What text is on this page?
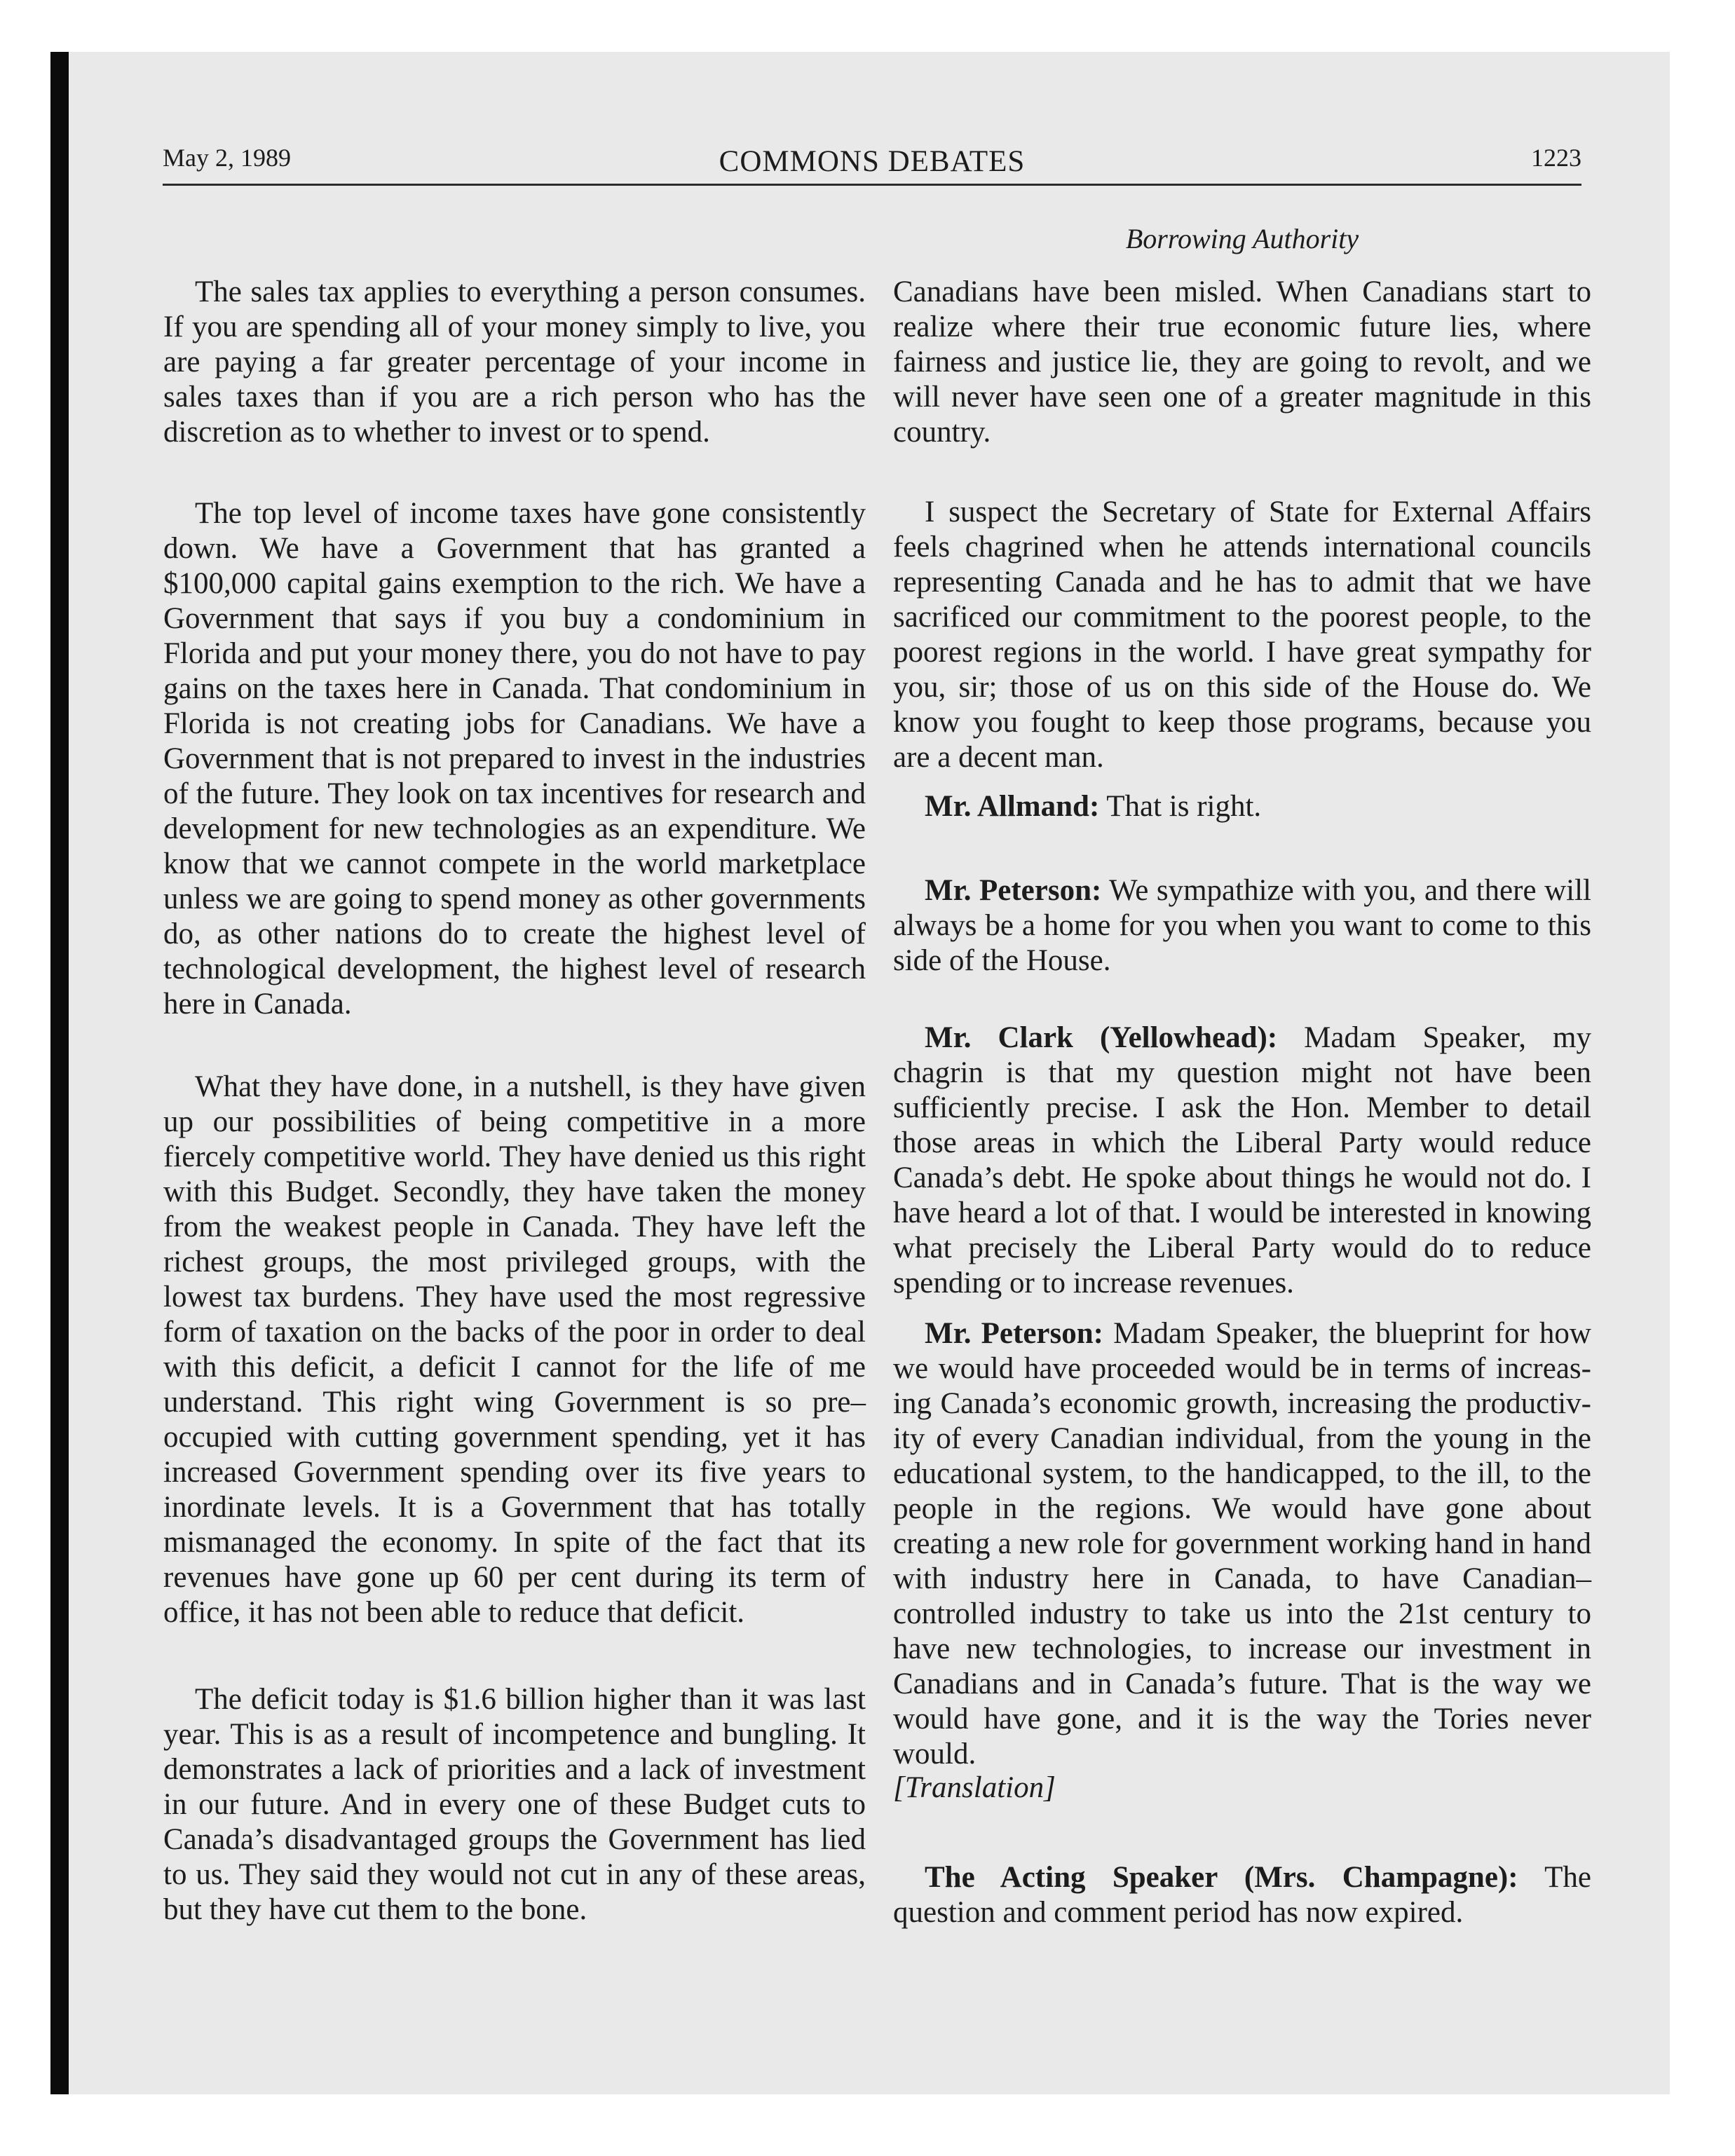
May 2, 1989	COMMONS DEBATES	1223

The sales tax applies to everything a person consumes. If you are spending all of your money simply to live, you are paying a far greater percentage of your income in sales taxes than if you are a rich person who has the discretion as to whether to invest or to spend.

The top level of income taxes have gone consistently down. We have a Government that has granted a $100,000 capital gains exemption to the rich. We have a Government that says if you buy a condominium in Florida and put your money there, you do not have to pay gains on the taxes here in Canada. That condominium in Florida is not creating jobs for Canadians. We have a Government that is not prepared to invest in the industries of the future. They look on tax incentives for research and development for new technologies as an expenditure. We know that we cannot compete in the world marketplace unless we are going to spend money as other governments do, as other nations do to create the highest level of technological development, the highest level of research here in Canada.

What they have done, in a nutshell, is they have given up our possibilities of being competitive in a more fiercely competitive world. They have denied us this right with this Budget. Secondly, they have taken the money from the weakest people in Canada. They have left the richest groups, the most privileged groups, with the lowest tax burdens. They have used the most regressive form of taxation on the backs of the poor in order to deal with this deficit, a deficit I cannot for the life of me understand. This right wing Government is so pre–occupied with cutting government spending, yet it has increased Government spending over its five years to inordinate levels. It is a Government that has totally mismanaged the economy. In spite of the fact that its revenues have gone up 60 per cent during its term of office, it has not been able to reduce that deficit.

The deficit today is $1.6 billion higher than it was last year. This is as a result of incompetence and bungling. It demonstrates a lack of priorities and a lack of investment in our future. And in every one of these Budget cuts to Canada’s disadvantaged groups the Government has lied to us. They said they would not cut in any of these areas, but they have cut them to the bone.

Borrowing Authority

Canadians have been misled. When Canadians start to realize where their true economic future lies, where fairness and justice lie, they are going to revolt, and we will never have seen one of a greater magnitude in this country.

I suspect the Secretary of State for External Affairs feels chagrined when he attends international councils representing Canada and he has to admit that we have sacrificed our commitment to the poorest people, to the poorest regions in the world. I have great sympathy for you, sir; those of us on this side of the House do. We know you fought to keep those programs, because you are a decent man.

Mr. Allmand: That is right.

Mr. Peterson: We sympathize with you, and there will always be a home for you when you want to come to this side of the House.

Mr. Clark (Yellowhead): Madam Speaker, my chagrin is that my question might not have been sufficiently precise. I ask the Hon. Member to detail those areas in which the Liberal Party would reduce Canada’s debt. He spoke about things he would not do. I have heard a lot of that. I would be interested in knowing what precisely the Liberal Party would do to reduce spending or to increase revenues.

Mr. Peterson: Madam Speaker, the blueprint for how we would have proceeded would be in terms of increasing Canada’s economic growth, increasing the productivity of every Canadian individual, from the young in the educational system, to the handicapped, to the ill, to the people in the regions. We would have gone about creating a new role for government working hand in hand with industry here in Canada, to have Canadian–controlled industry to take us into the 21st century to have new technologies, to increase our investment in Canadians and in Canada’s future. That is the way we would have gone, and it is the way the Tories never would.

[Translation]

The Acting Speaker (Mrs. Champagne): The question and comment period has now expired.
